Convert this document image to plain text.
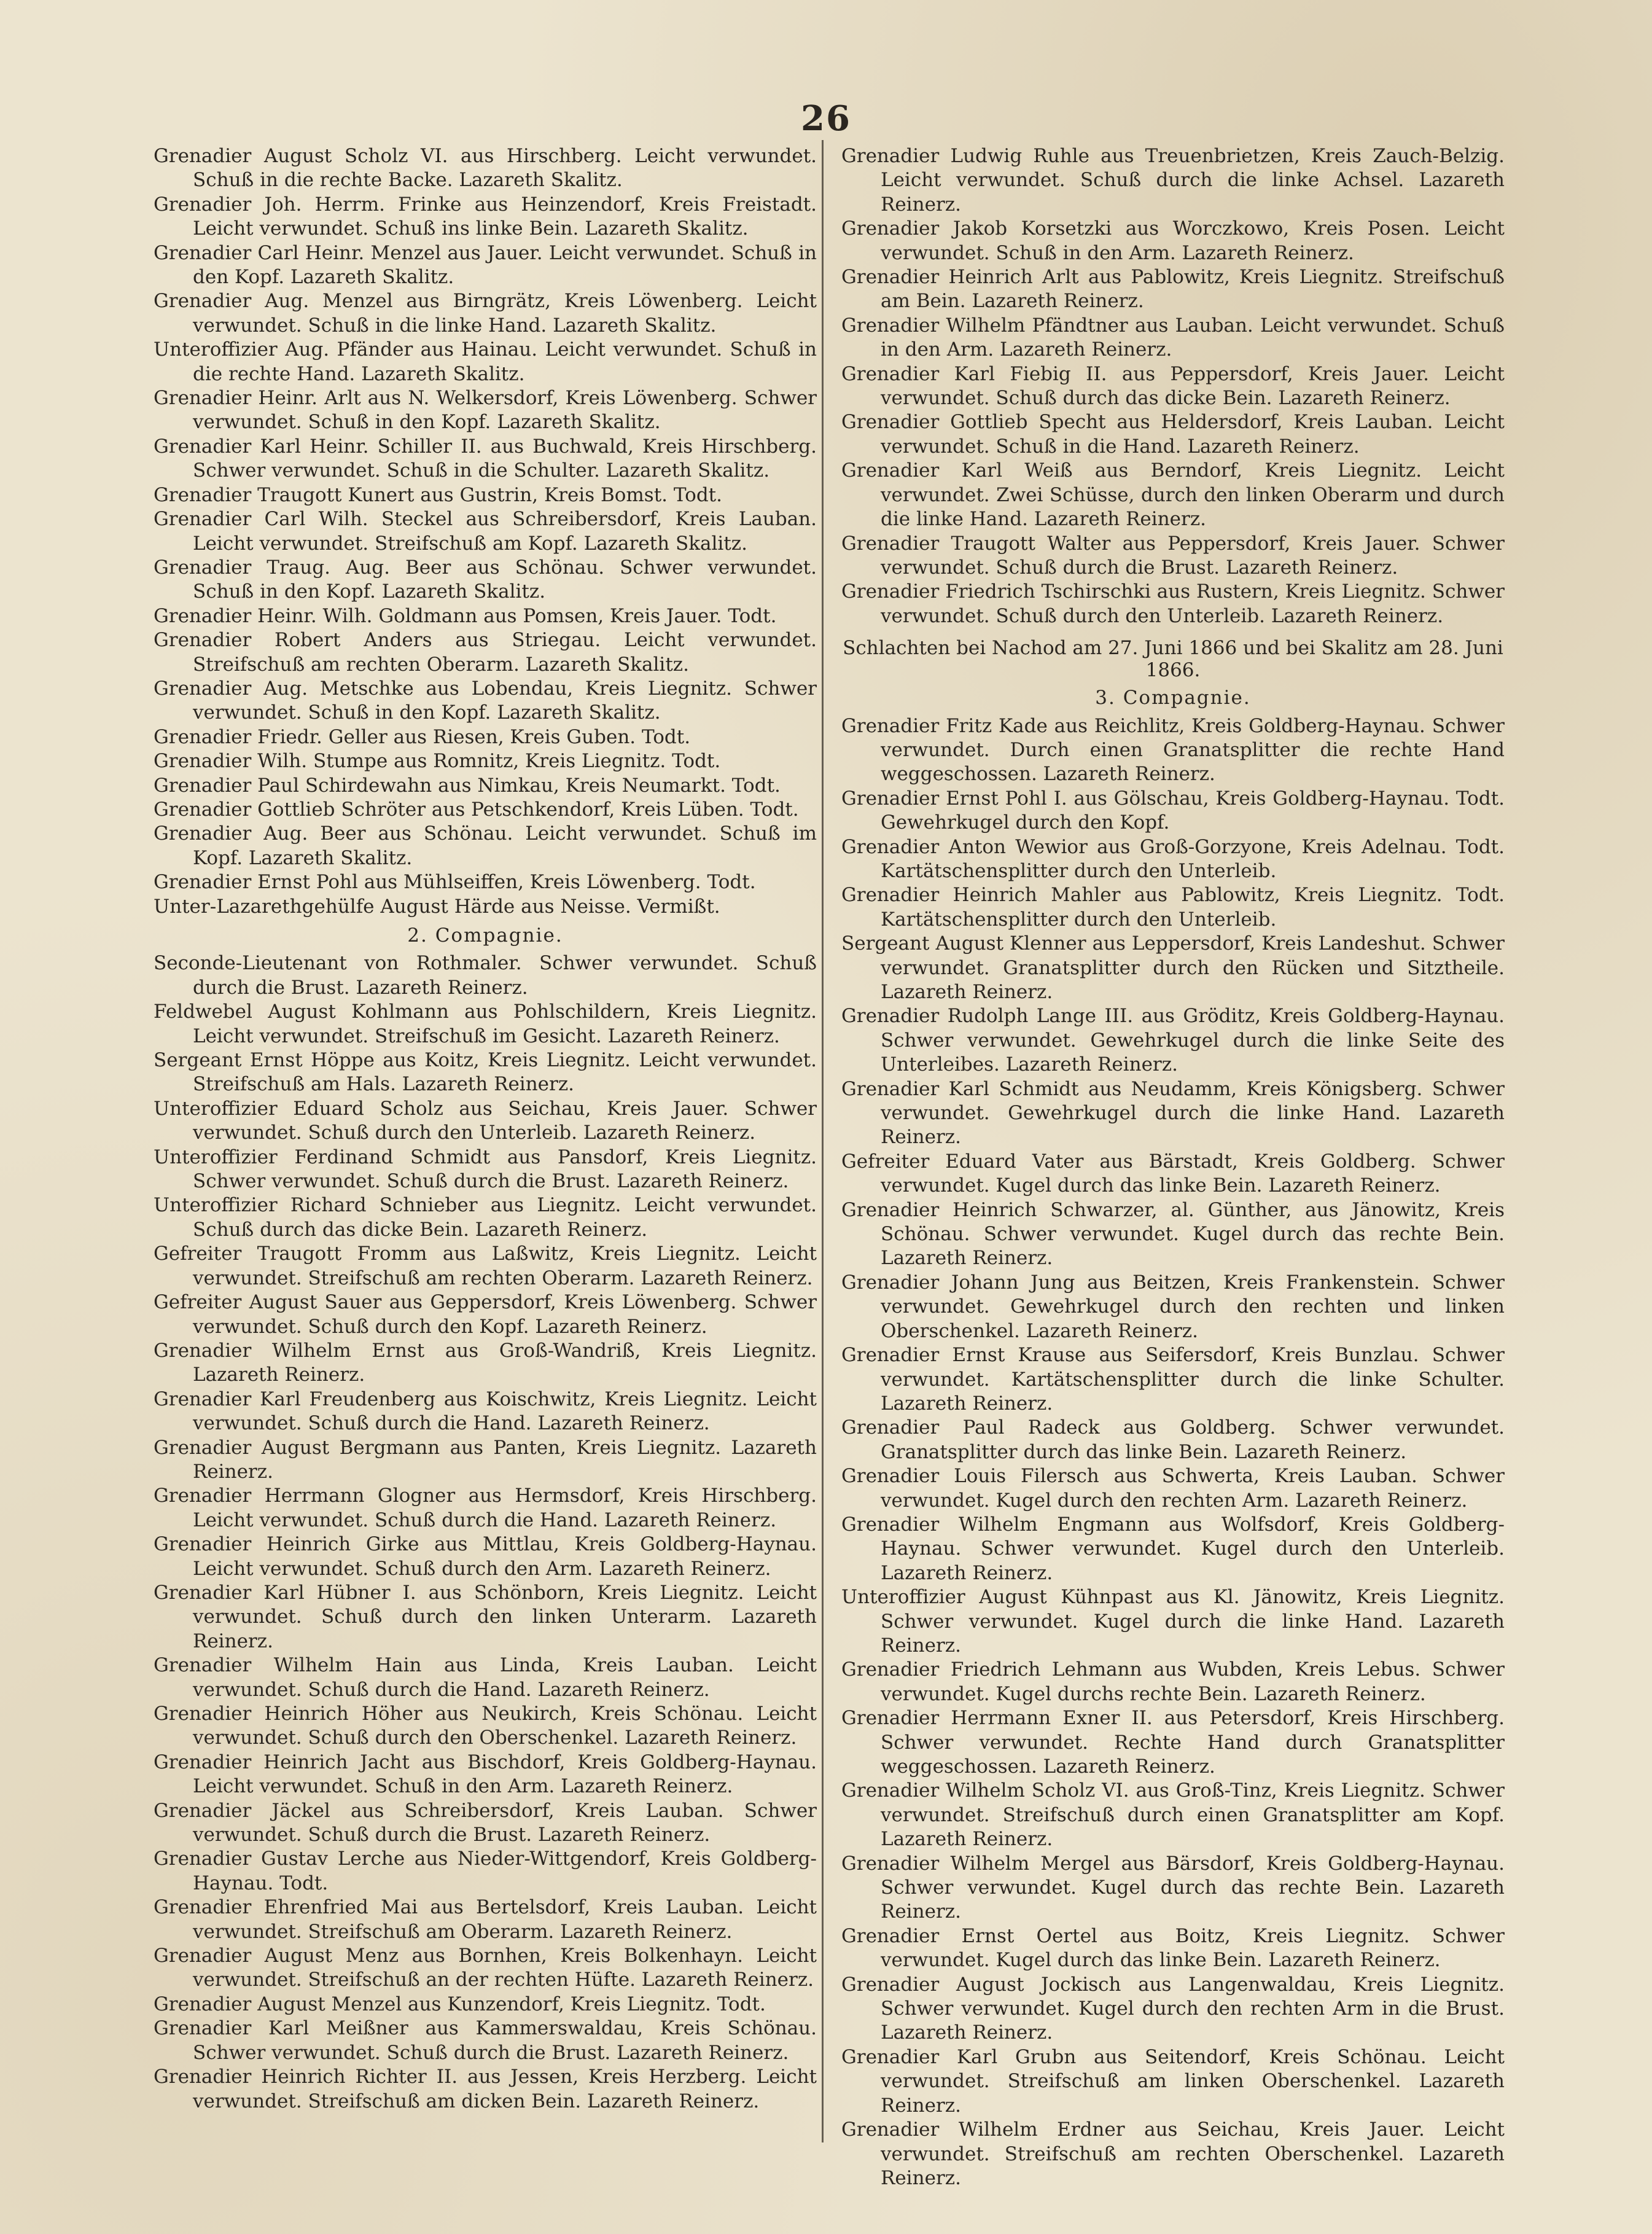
26

Grenadier August Scholz VI. aus Hirschberg. Leicht verwundet. Schuß in die rechte Backe. Lazareth Skalitz.

Grenadier Joh. Herrm. Frinke aus Heinzendorf, Kreis Freistadt. Leicht verwundet. Schuß ins linke Bein. Lazareth Skalitz.

Grenadier Carl Heinr. Menzel aus Jauer. Leicht verwundet. Schuß in den Kopf. Lazareth Skalitz.

Grenadier Aug. Menzel aus Birngrätz, Kreis Löwenberg. Leicht verwundet. Schuß in die linke Hand. Lazareth Skalitz.

Unteroffizier Aug. Pfänder aus Hainau. Leicht verwundet. Schuß in die rechte Hand. Lazareth Skalitz.

Grenadier Heinr. Arlt aus N. Welkersdorf, Kreis Löwenberg. Schwer verwundet. Schuß in den Kopf. Lazareth Skalitz.

Grenadier Karl Heinr. Schiller II. aus Buchwald, Kreis Hirschberg. Schwer verwundet. Schuß in die Schulter. Lazareth Skalitz.

Grenadier Traugott Kunert aus Gustrin, Kreis Bomst. Todt.

Grenadier Carl Wilh. Steckel aus Schreibersdorf, Kreis Lauban. Leicht verwundet. Streifschuß am Kopf. Lazareth Skalitz.

Grenadier Traug. Aug. Beer aus Schönau. Schwer verwundet. Schuß in den Kopf. Lazareth Skalitz.

Grenadier Heinr. Wilh. Goldmann aus Pomsen, Kreis Jauer. Todt.

Grenadier Robert Anders aus Striegau. Leicht verwundet. Streifschuß am rechten Oberarm. Lazareth Skalitz.

Grenadier Aug. Metschke aus Lobendau, Kreis Liegnitz. Schwer verwundet. Schuß in den Kopf. Lazareth Skalitz.

Grenadier Friedr. Geller aus Riesen, Kreis Guben. Todt.

Grenadier Wilh. Stumpe aus Romnitz, Kreis Liegnitz. Todt.

Grenadier Paul Schirdewahn aus Nimkau, Kreis Neumarkt. Todt.

Grenadier Gottlieb Schröter aus Petschkendorf, Kreis Lüben. Todt.

Grenadier Aug. Beer aus Schönau. Leicht verwundet. Schuß im Kopf. Lazareth Skalitz.

Grenadier Ernst Pohl aus Mühlseiffen, Kreis Löwenberg. Todt.

Unter-Lazarethgehülfe August Härde aus Neisse. Vermißt.

2. Compagnie.

Seconde-Lieutenant von Rothmaler. Schwer verwundet. Schuß durch die Brust. Lazareth Reinerz.

Feldwebel August Kohlmann aus Pohlschildern, Kreis Liegnitz. Leicht verwundet. Streifschuß im Gesicht. Lazareth Reinerz.

Sergeant Ernst Höppe aus Koitz, Kreis Liegnitz. Leicht verwundet. Streifschuß am Hals. Lazareth Reinerz.

Unteroffizier Eduard Scholz aus Seichau, Kreis Jauer. Schwer verwundet. Schuß durch den Unterleib. Lazareth Reinerz.

Unteroffizier Ferdinand Schmidt aus Pansdorf, Kreis Liegnitz. Schwer verwundet. Schuß durch die Brust. Lazareth Reinerz.

Unteroffizier Richard Schnieber aus Liegnitz. Leicht verwundet. Schuß durch das dicke Bein. Lazareth Reinerz.

Gefreiter Traugott Fromm aus Laßwitz, Kreis Liegnitz. Leicht verwundet. Streifschuß am rechten Oberarm. Lazareth Reinerz.

Gefreiter August Sauer aus Geppersdorf, Kreis Löwenberg. Schwer verwundet. Schuß durch den Kopf. Lazareth Reinerz.

Grenadier Wilhelm Ernst aus Groß-Wandriß, Kreis Liegnitz. Lazareth Reinerz.

Grenadier Karl Freudenberg aus Koischwitz, Kreis Liegnitz. Leicht verwundet. Schuß durch die Hand. Lazareth Reinerz.

Grenadier August Bergmann aus Panten, Kreis Liegnitz. Lazareth Reinerz.

Grenadier Herrmann Glogner aus Hermsdorf, Kreis Hirschberg. Leicht verwundet. Schuß durch die Hand. Lazareth Reinerz.

Grenadier Heinrich Girke aus Mittlau, Kreis Goldberg-Haynau. Leicht verwundet. Schuß durch den Arm. Lazareth Reinerz.

Grenadier Karl Hübner I. aus Schönborn, Kreis Liegnitz. Leicht verwundet. Schuß durch den linken Unterarm. Lazareth Reinerz.

Grenadier Wilhelm Hain aus Linda, Kreis Lauban. Leicht verwundet. Schuß durch die Hand. Lazareth Reinerz.

Grenadier Heinrich Höher aus Neukirch, Kreis Schönau. Leicht verwundet. Schuß durch den Oberschenkel. Lazareth Reinerz.

Grenadier Heinrich Jacht aus Bischdorf, Kreis Goldberg-Haynau. Leicht verwundet. Schuß in den Arm. Lazareth Reinerz.

Grenadier Jäckel aus Schreibersdorf, Kreis Lauban. Schwer verwundet. Schuß durch die Brust. Lazareth Reinerz.

Grenadier Gustav Lerche aus Nieder-Wittgendorf, Kreis Goldberg-Haynau. Todt.

Grenadier Ehrenfried Mai aus Bertelsdorf, Kreis Lauban. Leicht verwundet. Streifschuß am Oberarm. Lazareth Reinerz.

Grenadier August Menz aus Bornhen, Kreis Bolkenhayn. Leicht verwundet. Streifschuß an der rechten Hüfte. Lazareth Reinerz.

Grenadier August Menzel aus Kunzendorf, Kreis Liegnitz. Todt.

Grenadier Karl Meißner aus Kammerswaldau, Kreis Schönau. Schwer verwundet. Schuß durch die Brust. Lazareth Reinerz.

Grenadier Heinrich Richter II. aus Jessen, Kreis Herzberg. Leicht verwundet. Streifschuß am dicken Bein. Lazareth Reinerz.

Grenadier Ludwig Ruhle aus Treuenbrietzen, Kreis Zauch-Belzig. Leicht verwundet. Schuß durch die linke Achsel. Lazareth Reinerz.

Grenadier Jakob Korsetzki aus Worczkowo, Kreis Posen. Leicht verwundet. Schuß in den Arm. Lazareth Reinerz.

Grenadier Heinrich Arlt aus Pablowitz, Kreis Liegnitz. Streifschuß am Bein. Lazareth Reinerz.

Grenadier Wilhelm Pfändtner aus Lauban. Leicht verwundet. Schuß in den Arm. Lazareth Reinerz.

Grenadier Karl Fiebig II. aus Peppersdorf, Kreis Jauer. Leicht verwundet. Schuß durch das dicke Bein. Lazareth Reinerz.

Grenadier Gottlieb Specht aus Heldersdorf, Kreis Lauban. Leicht verwundet. Schuß in die Hand. Lazareth Reinerz.

Grenadier Karl Weiß aus Berndorf, Kreis Liegnitz. Leicht verwundet. Zwei Schüsse, durch den linken Oberarm und durch die linke Hand. Lazareth Reinerz.

Grenadier Traugott Walter aus Peppersdorf, Kreis Jauer. Schwer verwundet. Schuß durch die Brust. Lazareth Reinerz.

Grenadier Friedrich Tschirschki aus Rustern, Kreis Liegnitz. Schwer verwundet. Schuß durch den Unterleib. Lazareth Reinerz.

Schlachten bei Nachod am 27. Juni 1866 und bei Skalitz am 28. Juni 1866.

3. Compagnie.

Grenadier Fritz Kade aus Reichlitz, Kreis Goldberg-Haynau. Schwer verwundet. Durch einen Granatsplitter die rechte Hand weggeschossen. Lazareth Reinerz.

Grenadier Ernst Pohl I. aus Gölschau, Kreis Goldberg-Haynau. Todt. Gewehrkugel durch den Kopf.

Grenadier Anton Wewior aus Groß-Gorzyone, Kreis Adelnau. Todt. Kartätschensplitter durch den Unterleib.

Grenadier Heinrich Mahler aus Pablowitz, Kreis Liegnitz. Todt. Kartätschensplitter durch den Unterleib.

Sergeant August Klenner aus Leppersdorf, Kreis Landeshut. Schwer verwundet. Granatsplitter durch den Rücken und Sitztheile. Lazareth Reinerz.

Grenadier Rudolph Lange III. aus Gröditz, Kreis Goldberg-Haynau. Schwer verwundet. Gewehrkugel durch die linke Seite des Unterleibes. Lazareth Reinerz.

Grenadier Karl Schmidt aus Neudamm, Kreis Königsberg. Schwer verwundet. Gewehrkugel durch die linke Hand. Lazareth Reinerz.

Gefreiter Eduard Vater aus Bärstadt, Kreis Goldberg. Schwer verwundet. Kugel durch das linke Bein. Lazareth Reinerz.

Grenadier Heinrich Schwarzer, al. Günther, aus Jänowitz, Kreis Schönau. Schwer verwundet. Kugel durch das rechte Bein. Lazareth Reinerz.

Grenadier Johann Jung aus Beitzen, Kreis Frankenstein. Schwer verwundet. Gewehrkugel durch den rechten und linken Oberschenkel. Lazareth Reinerz.

Grenadier Ernst Krause aus Seifersdorf, Kreis Bunzlau. Schwer verwundet. Kartätschensplitter durch die linke Schulter. Lazareth Reinerz.

Grenadier Paul Radeck aus Goldberg. Schwer verwundet. Granatsplitter durch das linke Bein. Lazareth Reinerz.

Grenadier Louis Filersch aus Schwerta, Kreis Lauban. Schwer verwundet. Kugel durch den rechten Arm. Lazareth Reinerz.

Grenadier Wilhelm Engmann aus Wolfsdorf, Kreis Goldberg-Haynau. Schwer verwundet. Kugel durch den Unterleib. Lazareth Reinerz.

Unteroffizier August Kühnpast aus Kl. Jänowitz, Kreis Liegnitz. Schwer verwundet. Kugel durch die linke Hand. Lazareth Reinerz.

Grenadier Friedrich Lehmann aus Wubden, Kreis Lebus. Schwer verwundet. Kugel durchs rechte Bein. Lazareth Reinerz.

Grenadier Herrmann Exner II. aus Petersdorf, Kreis Hirschberg. Schwer verwundet. Rechte Hand durch Granatsplitter weggeschossen. Lazareth Reinerz.

Grenadier Wilhelm Scholz VI. aus Groß-Tinz, Kreis Liegnitz. Schwer verwundet. Streifschuß durch einen Granatsplitter am Kopf. Lazareth Reinerz.

Grenadier Wilhelm Mergel aus Bärsdorf, Kreis Goldberg-Haynau. Schwer verwundet. Kugel durch das rechte Bein. Lazareth Reinerz.

Grenadier Ernst Oertel aus Boitz, Kreis Liegnitz. Schwer verwundet. Kugel durch das linke Bein. Lazareth Reinerz.

Grenadier August Jockisch aus Langenwaldau, Kreis Liegnitz. Schwer verwundet. Kugel durch den rechten Arm in die Brust. Lazareth Reinerz.

Grenadier Karl Grubn aus Seitendorf, Kreis Schönau. Leicht verwundet. Streifschuß am linken Oberschenkel. Lazareth Reinerz.

Grenadier Wilhelm Erdner aus Seichau, Kreis Jauer. Leicht verwundet. Streifschuß am rechten Oberschenkel. Lazareth Reinerz.
